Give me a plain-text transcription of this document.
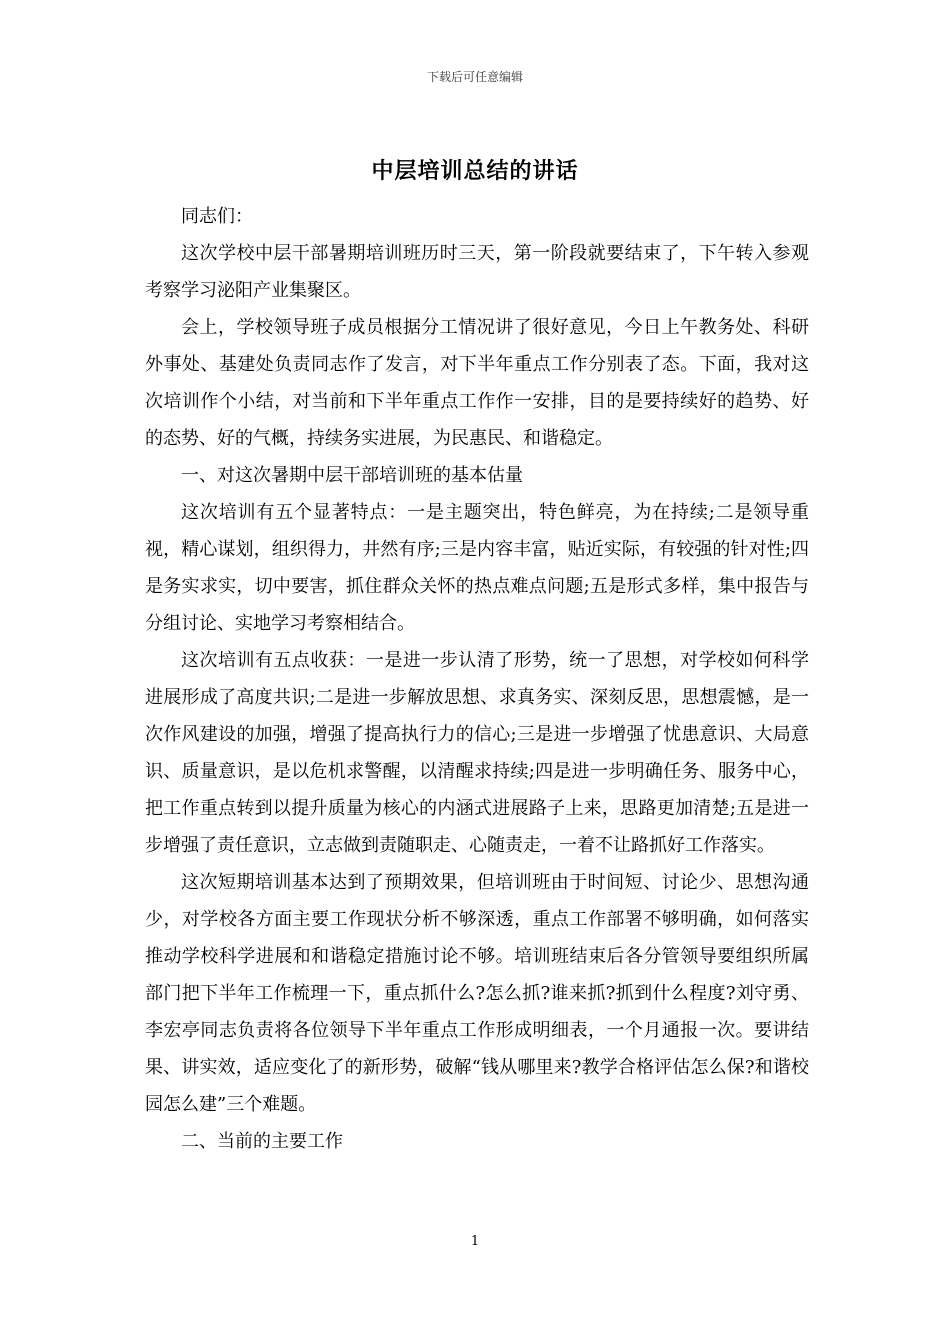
下载后可任意编辑
中层培训总结的讲话

同志们：

这次学校中层干部暑期培训班历时三天，第一阶段就要结束了，下午转入参观考察学习泌阳产业集聚区。

会上，学校领导班子成员根据分工情况讲了很好意见，今日上午教务处、科研外事处、基建处负责同志作了发言，对下半年重点工作分别表了态。下面，我对这次培训作个小结，对当前和下半年重点工作作一安排，目的是要持续好的趋势、好的态势、好的气概，持续务实进展，为民惠民、和谐稳定。

一、对这次暑期中层干部培训班的基本估量

这次培训有五个显著特点：一是主题突出，特色鲜亮，为在持续;二是领导重视，精心谋划，组织得力，井然有序;三是内容丰富，贴近实际，有较强的针对性;四是务实求实，切中要害，抓住群众关怀的热点难点问题;五是形式多样，集中报告与分组讨论、实地学习考察相结合。

这次培训有五点收获：一是进一步认清了形势，统一了思想，对学校如何科学进展形成了高度共识;二是进一步解放思想、求真务实、深刻反思，思想震憾，是一次作风建设的加强，增强了提高执行力的信心;三是进一步增强了忧患意识、大局意识、质量意识，是以危机求警醒，以清醒求持续;四是进一步明确任务、服务中心，把工作重点转到以提升质量为核心的内涵式进展路子上来，思路更加清楚;五是进一步增强了责任意识，立志做到责随职走、心随责走，一着不让路抓好工作落实。

这次短期培训基本达到了预期效果，但培训班由于时间短、讨论少、思想沟通少，对学校各方面主要工作现状分析不够深透，重点工作部署不够明确，如何落实推动学校科学进展和和谐稳定措施讨论不够。培训班结束后各分管领导要组织所属部门把下半年工作梳理一下，重点抓什么?怎么抓?谁来抓?抓到什么程度?刘守勇、李宏亭同志负责将各位领导下半年重点工作形成明细表，一个月通报一次。要讲结果、讲实效，适应变化了的新形势，破解“钱从哪里来?教学合格评估怎么保?和谐校园怎么建”三个难题。

二、当前的主要工作

1
